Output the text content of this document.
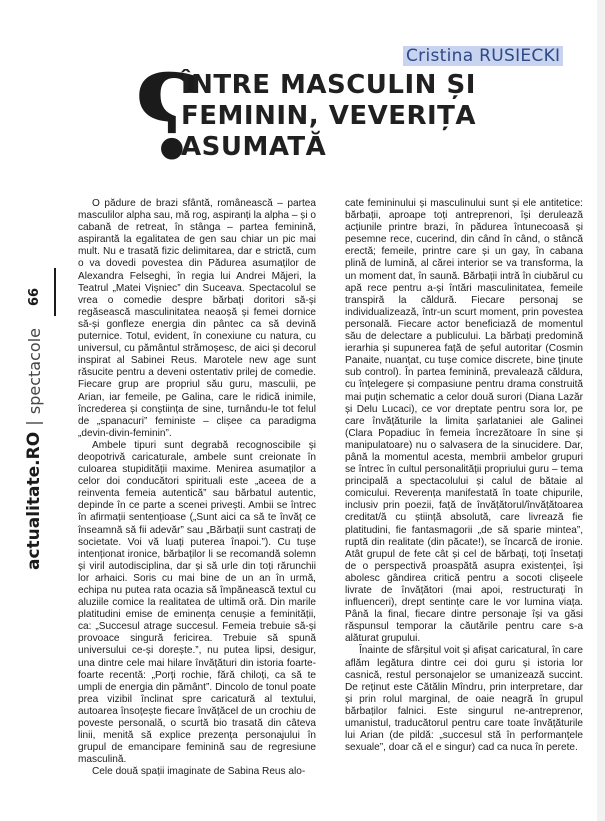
Cristina RUSIECKI
?
ÎNTRE MASCULIN ȘI FEMININ, VEVERIȚA ASUMATĂ
actualitate.RO
|
spectacole
66

O pădure de brazi sfântă, românească – partea masculilor alpha sau, mă rog, aspiranți la alpha – și o cabană de retreat, în stânga – partea feminină, aspirantă la egalitatea de gen sau chiar un pic mai mult. Nu e trasată fizic delimitarea, dar e strictă, cum o va dovedi povestea din Pădurea asumaților de Alexandra Felseghi, în regia lui Andrei Măjeri, la Teatrul „Matei Vișniec” din Suceava. Spectacolul se vrea o comedie despre bărbați doritori să-și regăsească masculinitatea neaoșă și femei dornice să-și gonfleze energia din pântec ca să devină puternice. Totul, evident, în conexiune cu natura, cu universul, cu pământul strămoșesc, de aici și decorul inspirat al Sabinei Reus. Marotele new age sunt răsucite pentru a deveni ostentativ prilej de comedie. Fiecare grup are propriul său guru, masculii, pe Arian, iar femeile, pe Galina, care le ridică inimile, încrederea și conștiința de sine, turnându-le tot felul de „spanacuri” feministe – clișee ca paradigma „devin-divin-feminin”.

Ambele tipuri sunt degrabă recognoscibile și deopotrivă caricaturale, ambele sunt creionate în culoarea stupidității maxime. Menirea asumaților a celor doi conducători spirituali este „aceea de a reinventa femeia autentică” sau bărbatul autentic, depinde în ce parte a scenei privești. Ambii se întrec în afirmații sentențioase („Sunt aici ca să te învăț ce înseamnă să fii adevăr” sau „Bărbații sunt castrați de societate. Voi vă luați puterea înapoi.”). Cu tușe intenționat ironice, bărbaților li se recomandă solemn și viril autodisciplina, dar și să urle din toți rărunchii lor arhaici. Soris cu mai bine de un an în urmă, echipa nu putea rata ocazia să împănească textul cu aluziile comice la realitatea de ultimă oră. Din marile platitudini emise de eminența cenușie a feminității, ca: „Succesul atrage succesul. Femeia trebuie să-și provoace singură fericirea. Trebuie să spună universului ce-și dorește.”, nu putea lipsi, desigur, una dintre cele mai hilare învățături din istoria foarte-foarte recentă: „Porți rochie, fără chiloți, ca să te umpli de energia din pământ”. Dincolo de tonul poate prea vizibil înclinat spre caricatură al textului, autoarea însoțește fiecare învățăcel de un crochiu de poveste personală, o scurtă bio trasată din câteva linii, menită să explice prezența personajului în grupul de emancipare feminină sau de regresiune masculină.

Cele două spații imaginate de Sabina Reus alo-

cate femininului și masculinului sunt și ele antitetice: bărbații, aproape toți antreprenori, își derulează acțiunile printre brazi, în pădurea întunecoasă și pesemne rece, cucerind, din când în când, o stâncă erectă; femeile, printre care și un gay, în cabana plină de lumină, al cărei interior se va transforma, la un moment dat, în saună. Bărbații intră în ciubărul cu apă rece pentru a-și întări masculinitatea, femeile transpiră la căldură. Fiecare personaj se individualizează, într-un scurt moment, prin povestea personală. Fiecare actor beneficiază de momentul său de delectare a publicului. La bărbați predomină ierarhia și supunerea față de șeful autoritar (Cosmin Panaite, nuanțat, cu tușe comice discrete, bine ținute sub control). În partea feminină, prevalează căldura, cu înțelegere și compasiune pentru drama construită mai puțin schematic a celor două surori (Diana Lazăr și Delu Lucaci), ce vor dreptate pentru sora lor, pe care învățăturile la limita șarlataniei ale Galinei (Clara Popadiuc în femeia încrezătoare în sine și manipulatoare) nu o salvasera de la sinucidere. Dar, până la momentul acesta, membrii ambelor grupuri se întrec în cultul personalității propriului guru – tema principală a spectacolului și calul de bătaie al comicului. Reverența manifestată în toate chipurile, inclusiv prin poezii, față de învățătorul/învățătoarea creditat/ă cu știință absolută, care livrează fie platitudini, fie fantasmagorii „de să sparie mintea”, ruptă din realitate (din păcate!), se încarcă de ironie. Atât grupul de fete cât și cel de bărbați, toți însetați de o perspectivă proaspătă asupra existenței, își abolesc gândirea critică pentru a socoti clișeele livrate de învățători (mai apoi, restructurați în influenceri), drept sentințe care le vor lumina viața. Până la final, fiecare dintre personaje își va găsi răspunsul temporar la căutările pentru care s-a alăturat grupului.

Înainte de sfârșitul voit și afișat caricatural, în care aflăm legătura dintre cei doi guru și istoria lor casnică, restul personajelor se umanizează succint. De reținut este Cătălin Mîndru, prin interpretare, dar și prin rolul marginal, de oaie neagră în grupul bărbaților falnici. Este singurul ne-antreprenor, umanistul, traducătorul pentru care toate învățăturile lui Arian (de pildă: „succesul stă în performanțele sexuale”, doar că el e singur) cad ca nuca în perete.
